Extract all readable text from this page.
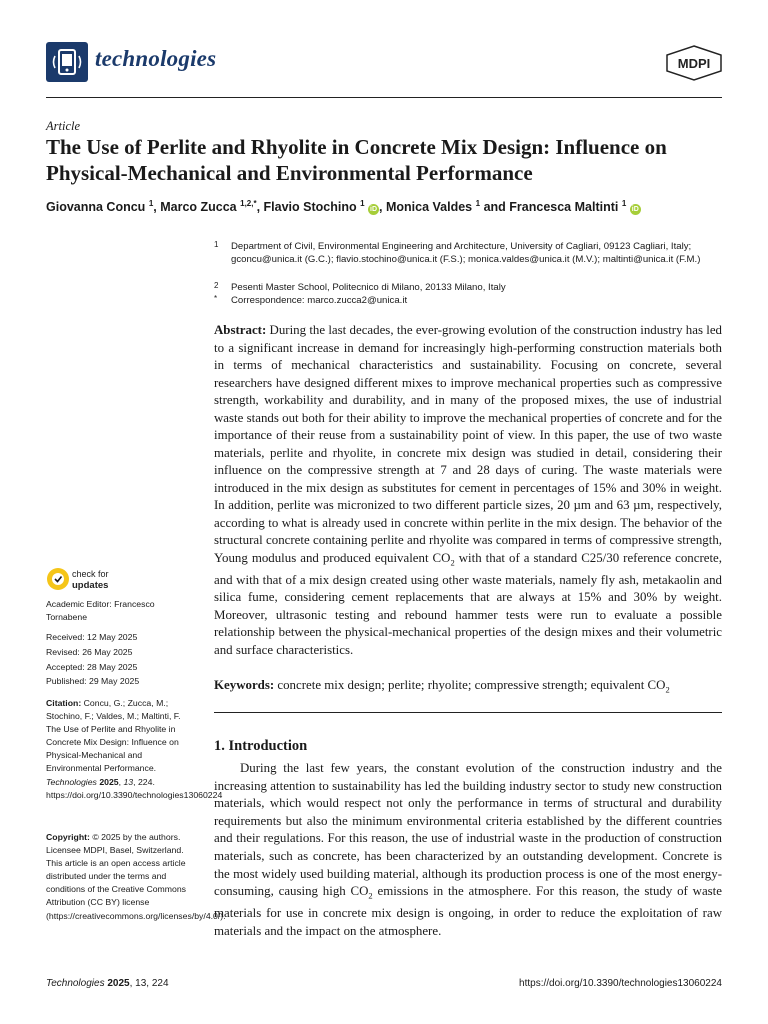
technologies	MDPI
Article
The Use of Perlite and Rhyolite in Concrete Mix Design: Influence on Physical-Mechanical and Environmental Performance
Giovanna Concu $^1$, Marco Zucca $^{1,2,*}$, Flavio Stochino $^1$ iD , Monica Valdes $^1$ and Francesca Maltinti $^1$ iD
1 Department of Civil, Environmental Engineering and Architecture, University of Cagliari, 09123 Cagliari, Italy; gconcu@unica.it (G.C.); flavio.stochino@unica.it (F.S.); monica.valdes@unica.it (M.V.); maltinti@unica.it (F.M.)
2 Pesenti Master School, Politecnico di Milano, 20133 Milano, Italy
* Correspondence: marco.zucca2@unica.it
Abstract: During the last decades, the ever-growing evolution of the construction industry has led to a significant increase in demand for increasingly high-performing construction materials both in terms of mechanical characteristics and sustainability. Focusing on concrete, several researchers have designed different mixes to improve mechanical properties such as compressive strength, workability and durability, and in many of the proposed mixes, the use of industrial waste stands out both for their ability to improve the mechanical properties of concrete and for the importance of their reuse from a sustainability point of view. In this paper, the use of two waste materials, perlite and rhyolite, in concrete mix design was studied in detail, considering their influence on the compressive strength at 7 and 28 days of curing. The waste materials were introduced in the mix design as substitutes for cement in percentages of 15% and 30% in weight. In addition, perlite was micronized to two different particle sizes, 20 µm and 63 µm, respectively, according to what is already used in concrete within perlite in the mix design. The behavior of the structural concrete containing perlite and rhyolite was compared in terms of compressive strength, Young modulus and produced equivalent $CO_2$ with that of a standard C25/30 reference concrete, and with that of a mix design created using other waste materials, namely fly ash, metakaolin and silica fume, considering cement replacements that are always at 15% and 30% by weight. Moreover, ultrasonic testing and rebound hammer tests were run to evaluate a possible relationship between the physical-mechanical properties of the design mixes and their volumetric and surface characteristics.
Keywords: concrete mix design; perlite; rhyolite; compressive strength; equivalent $CO_2$
1. Introduction
During the last few years, the constant evolution of the construction industry and the increasing attention to sustainability has led the building industry sector to study new construction materials, which would respect not only the performance in terms of structural and durability requirements but also the minimum environmental criteria established by the different countries and their regulations. For this reason, the use of industrial waste in the production of construction materials, such as concrete, has been characterized by an outstanding development. Concrete is the most widely used building material, although its production process is one of the most energy-consuming, causing high $CO_2$ emissions in the atmosphere. For this reason, the study of waste materials for use in concrete mix design is ongoing, in order to reduce the exploitation of raw materials and the impact on the atmosphere.
check for
updates
Academic Editor: Francesco Tornabene
Received: 12 May 2025
Revised: 26 May 2025
Accepted: 28 May 2025
Published: 29 May 2025
Citation: Concu, G.; Zucca, M.; Stochino, F.; Valdes, M.; Maltinti, F. The Use of Perlite and Rhyolite in Concrete Mix Design: Influence on Physical-Mechanical and Environmental Performance. Technologies 2025, 13, 224. https://doi.org/10.3390/technologies13060224
Copyright: © 2025 by the authors. Licensee MDPI, Basel, Switzerland. This article is an open access article distributed under the terms and conditions of the Creative Commons Attribution (CC BY) license (https://creativecommons.org/licenses/by/4.0/).
Technologies 2025, 13, 224	https://doi.org/10.3390/technologies13060224
